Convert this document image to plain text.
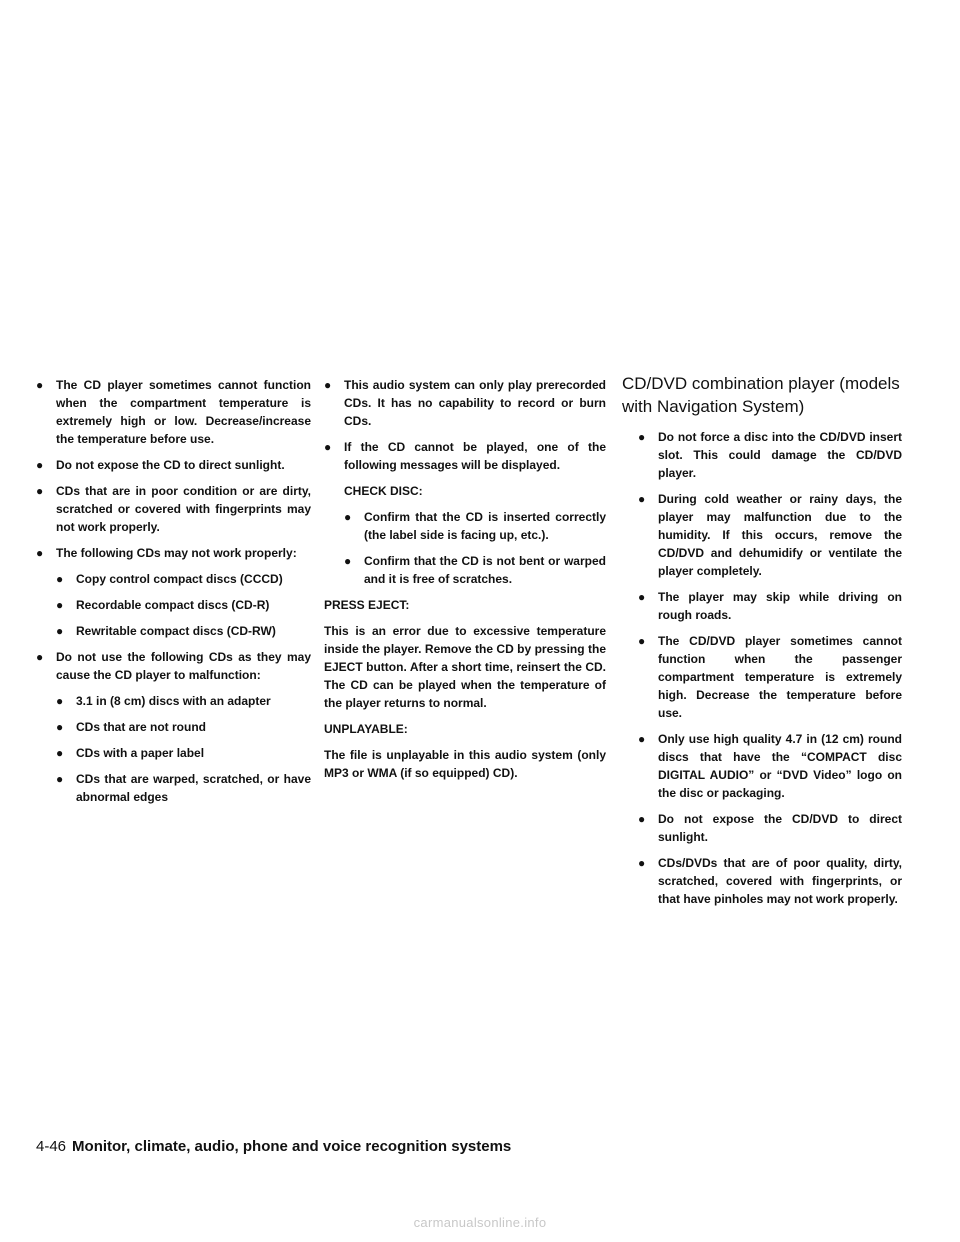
● The CD player sometimes cannot function when the compartment temperature is extremely high or low. Decrease/increase the temperature before use.
● Do not expose the CD to direct sunlight.
● CDs that are in poor condition or are dirty, scratched or covered with fingerprints may not work properly.
● The following CDs may not work properly:
● Copy control compact discs (CCCD)
● Recordable compact discs (CD-R)
● Rewritable compact discs (CD-RW)
● Do not use the following CDs as they may cause the CD player to malfunction:
● 3.1 in (8 cm) discs with an adapter
● CDs that are not round
● CDs with a paper label
● CDs that are warped, scratched, or have abnormal edges
● This audio system can only play prerecorded CDs. It has no capability to record or burn CDs.
● If the CD cannot be played, one of the following messages will be displayed.
CHECK DISC:
● Confirm that the CD is inserted correctly (the label side is facing up, etc.).
● Confirm that the CD is not bent or warped and it is free of scratches.
PRESS EJECT:
This is an error due to excessive temperature inside the player. Remove the CD by pressing the EJECT button. After a short time, reinsert the CD. The CD can be played when the temperature of the player returns to normal.
UNPLAYABLE:
The file is unplayable in this audio system (only MP3 or WMA (if so equipped) CD).
CD/DVD combination player (models with Navigation System)
● Do not force a disc into the CD/DVD insert slot. This could damage the CD/DVD player.
● During cold weather or rainy days, the player may malfunction due to the humidity. If this occurs, remove the CD/DVD and dehumidify or ventilate the player completely.
● The player may skip while driving on rough roads.
● The CD/DVD player sometimes cannot function when the passenger compartment temperature is extremely high. Decrease the temperature before use.
● Only use high quality 4.7 in (12 cm) round discs that have the “COMPACT disc DIGITAL AUDIO” or “DVD Video” logo on the disc or packaging.
● Do not expose the CD/DVD to direct sunlight.
● CDs/DVDs that are of poor quality, dirty, scratched, covered with fingerprints, or that have pinholes may not work properly.
4-46 Monitor, climate, audio, phone and voice recognition systems
carmanualsonline.info
